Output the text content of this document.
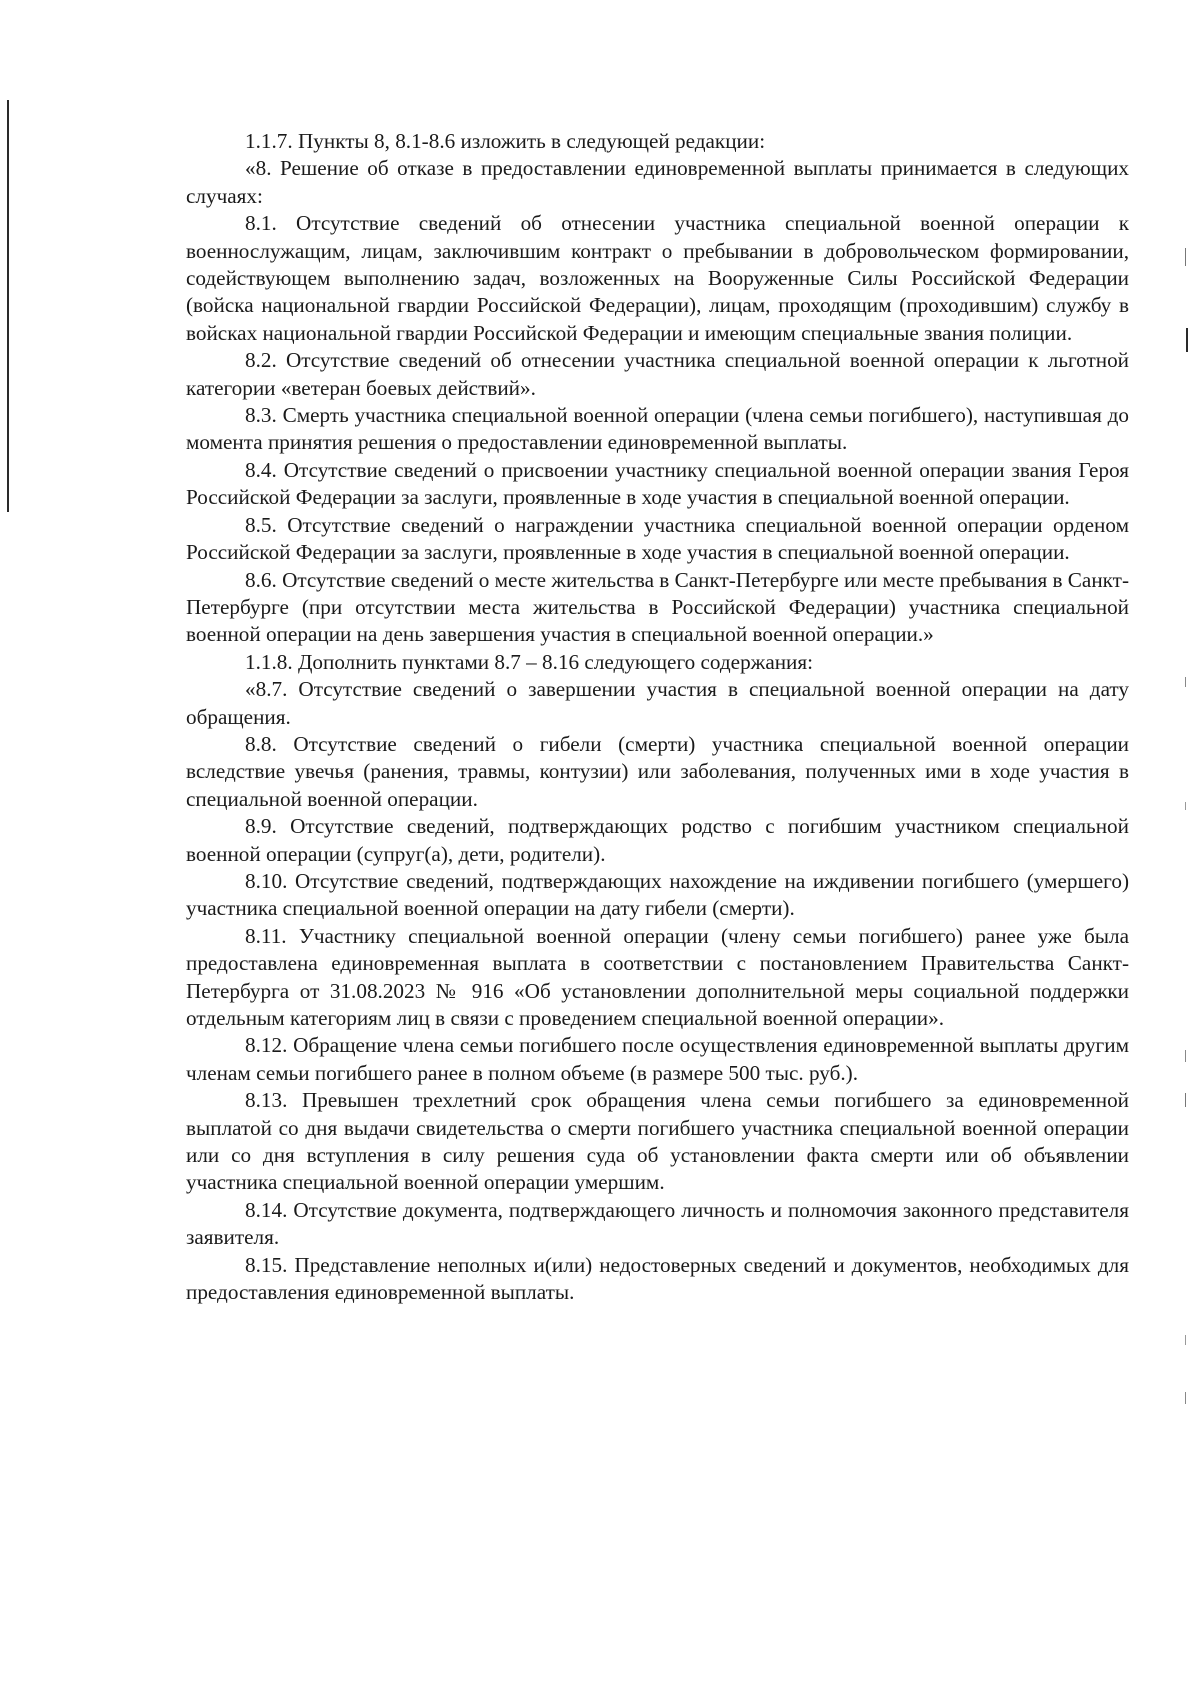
1.1.7. Пункты 8, 8.1-8.6 изложить в следующей редакции:

«8. Решение об отказе в предоставлении единовременной выплаты принимается в следующих случаях:

8.1. Отсутствие сведений об отнесении участника специальной военной операции к военнослужащим, лицам, заключившим контракт о пребывании в добровольческом формировании, содействующем выполнению задач, возложенных на Вооруженные Силы Российской Федерации (войска национальной гвардии Российской Федерации), лицам, проходящим (проходившим) службу в войсках национальной гвардии Российской Федерации и имеющим специальные звания полиции.

8.2. Отсутствие сведений об отнесении участника специальной военной операции к льготной категории «ветеран боевых действий».

8.3. Смерть участника специальной военной операции (члена семьи погибшего), наступившая до момента принятия решения о предоставлении единовременной выплаты.

8.4. Отсутствие сведений о присвоении участнику специальной военной операции звания Героя Российской Федерации за заслуги, проявленные в ходе участия в специальной военной операции.

8.5. Отсутствие сведений о награждении участника специальной военной операции орденом Российской Федерации за заслуги, проявленные в ходе участия в специальной военной операции.

8.6. Отсутствие сведений о месте жительства в Санкт-Петербурге или месте пребывания в Санкт-Петербурге (при отсутствии места жительства в Российской Федерации) участника специальной военной операции на день завершения участия в специальной военной операции.»

1.1.8. Дополнить пунктами 8.7 – 8.16 следующего содержания:

«8.7. Отсутствие сведений о завершении участия в специальной военной операции на дату обращения.

8.8. Отсутствие сведений о гибели (смерти) участника специальной военной операции вследствие увечья (ранения, травмы, контузии) или заболевания, полученных ими в ходе участия в специальной военной операции.

8.9. Отсутствие сведений, подтверждающих родство с погибшим участником специальной военной операции (супруг(а), дети, родители).

8.10. Отсутствие сведений, подтверждающих нахождение на иждивении погибшего (умершего) участника специальной военной операции на дату гибели (смерти).

8.11. Участнику специальной военной операции (члену семьи погибшего) ранее уже была предоставлена единовременная выплата в соответствии с постановлением Правительства Санкт-Петербурга от 31.08.2023 № 916 «Об установлении дополнительной меры социальной поддержки отдельным категориям лиц в связи с проведением специальной военной операции».

8.12. Обращение члена семьи погибшего после осуществления единовременной выплаты другим членам семьи погибшего ранее в полном объеме (в размере 500 тыс. руб.).

8.13. Превышен трехлетний срок обращения члена семьи погибшего за единовременной выплатой со дня выдачи свидетельства о смерти погибшего участника специальной военной операции или со дня вступления в силу решения суда об установлении факта смерти или об объявлении участника специальной военной операции умершим.

8.14. Отсутствие документа, подтверждающего личность и полномочия законного представителя заявителя.

8.15. Представление неполных и(или) недостоверных сведений и документов, необходимых для предоставления единовременной выплаты.
